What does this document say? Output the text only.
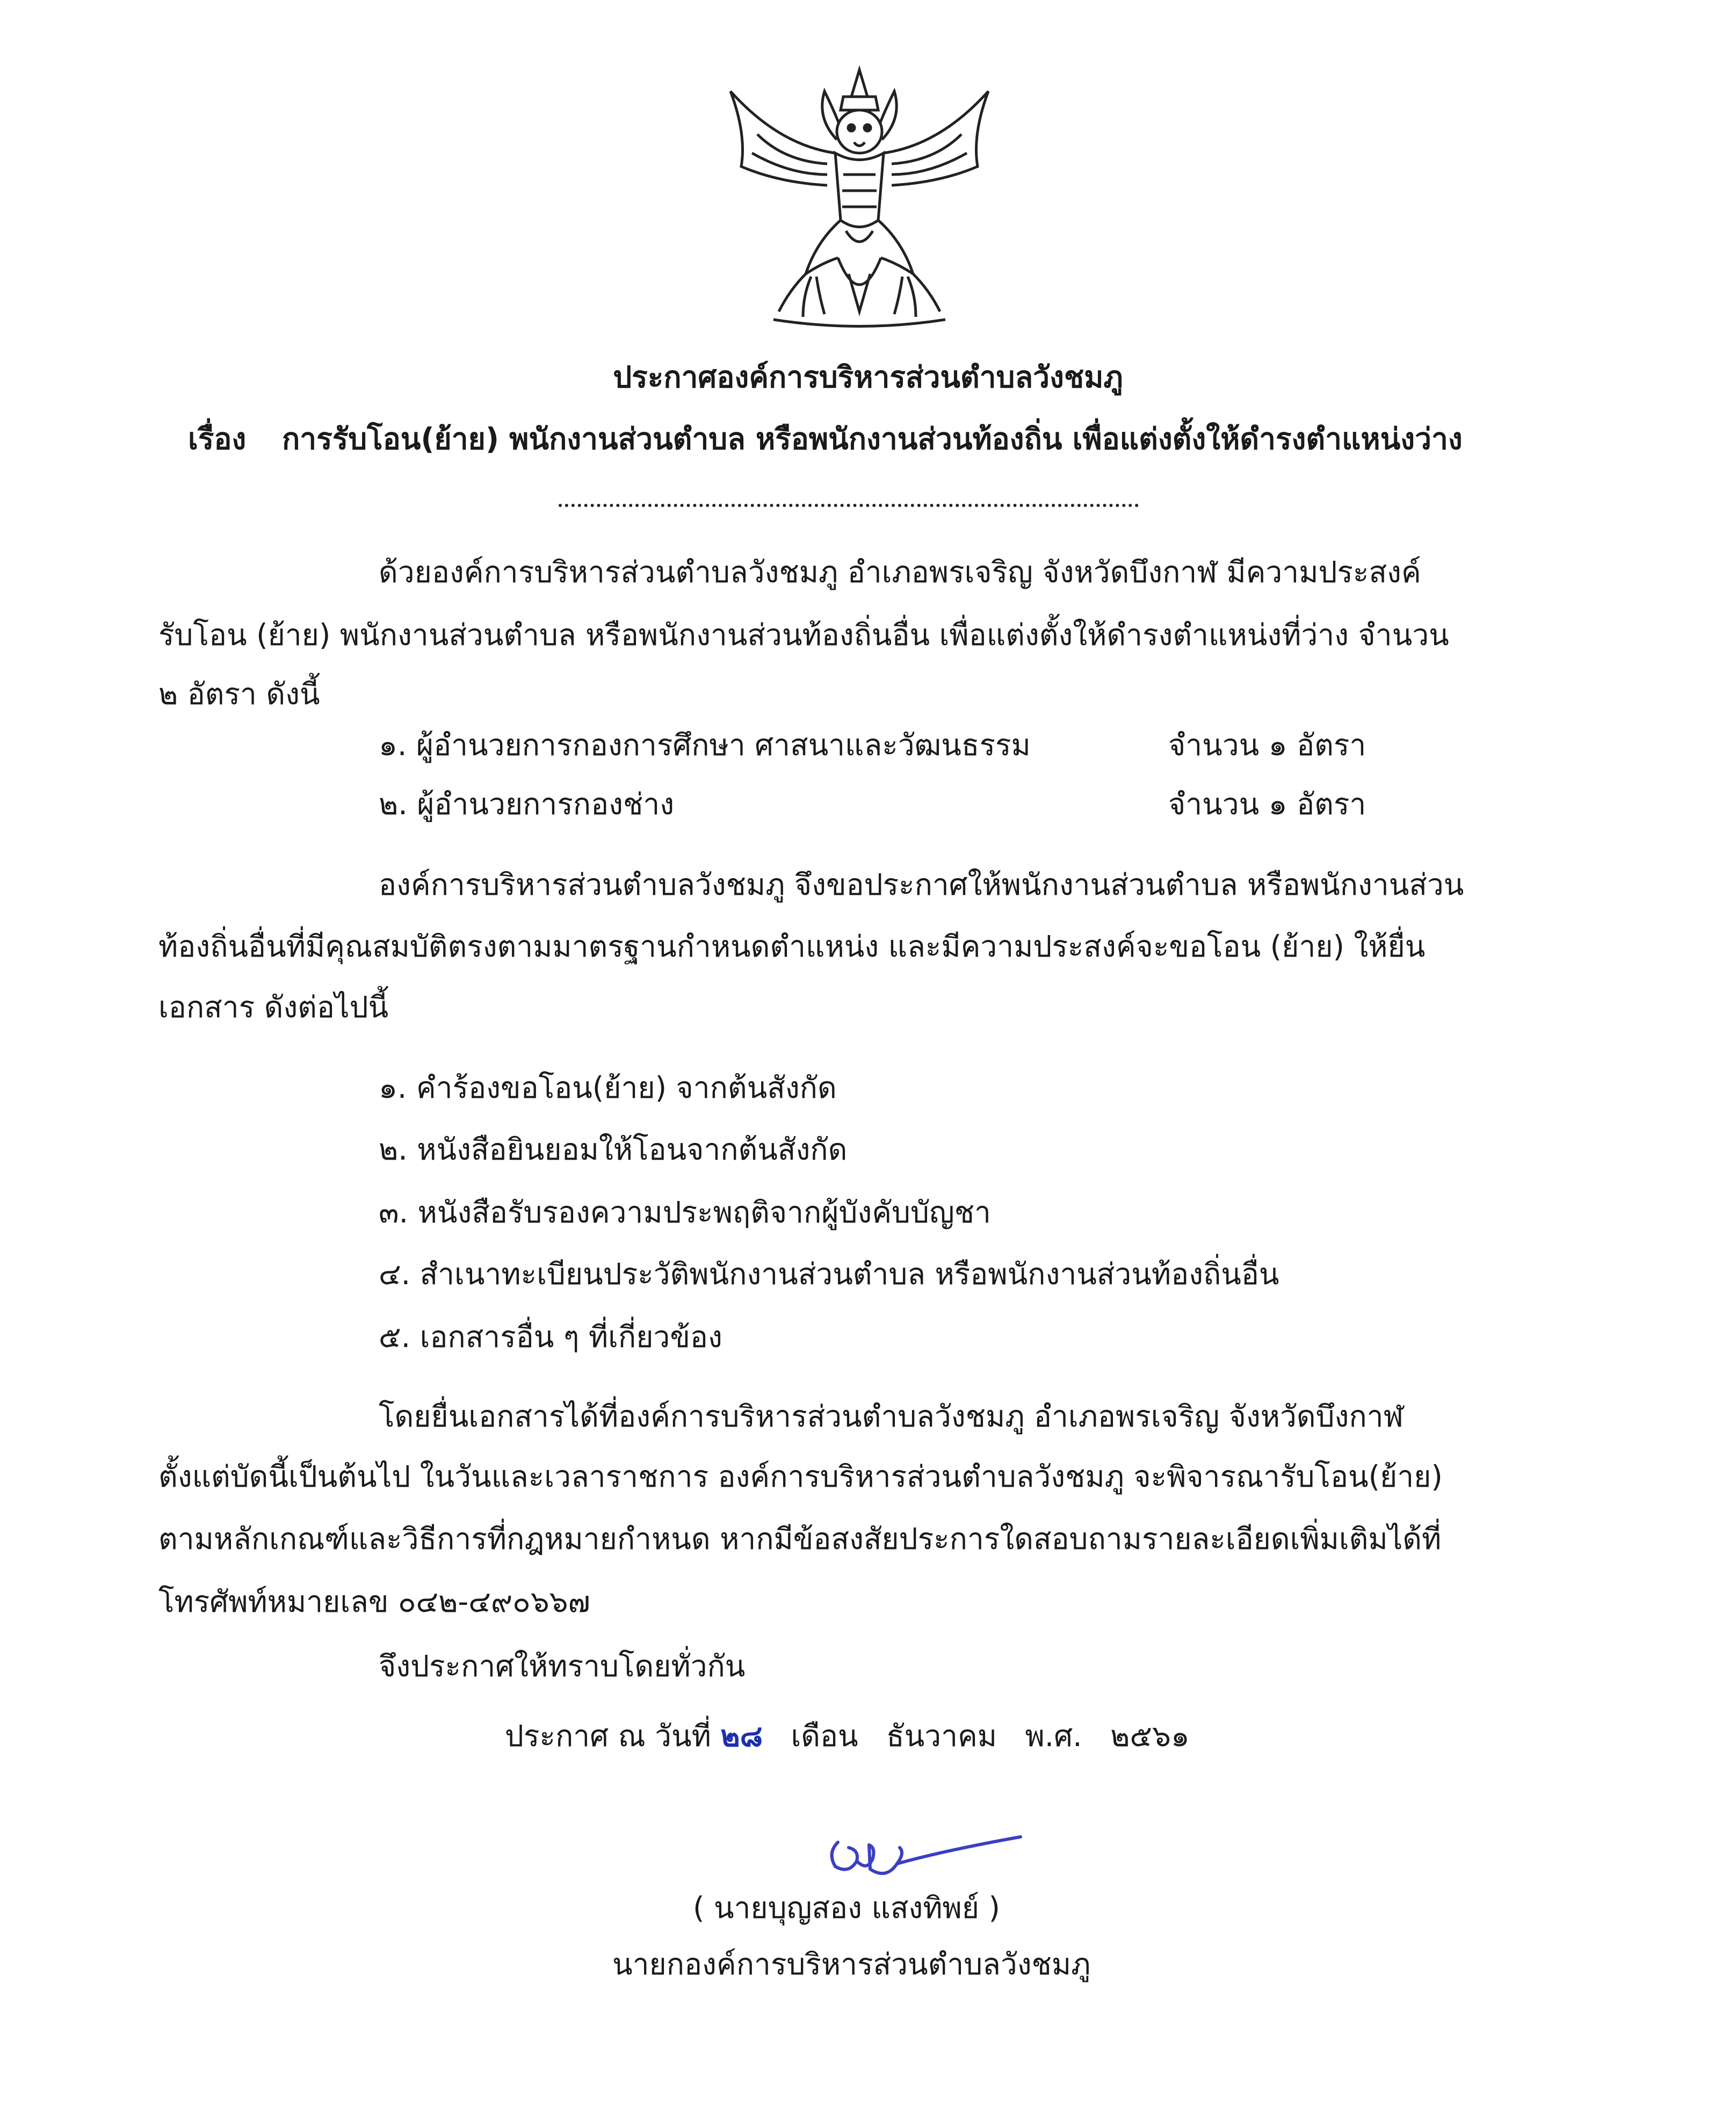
ประกาศองค์การบริหารส่วนตำบลวังชมภู
เรื่อง การรับโอน(ย้าย) พนักงานส่วนตำบล หรือพนักงานส่วนท้องถิ่น เพื่อแต่งตั้งให้ดำรงตำแหน่งว่าง
ด้วยองค์การบริหารส่วนตำบลวังชมภู อำเภอพรเจริญ จังหวัดบึงกาฬ มีความประสงค์
รับโอน (ย้าย) พนักงานส่วนตำบล หรือพนักงานส่วนท้องถิ่นอื่น เพื่อแต่งตั้งให้ดำรงตำแหน่งที่ว่าง จำนวน
๒ อัตรา ดังนี้
๑. ผู้อำนวยการกองการศึกษา ศาสนาและวัฒนธรรม	จำนวน ๑ อัตรา
๒. ผู้อำนวยการกองช่าง	จำนวน ๑ อัตรา
องค์การบริหารส่วนตำบลวังชมภู จึงขอประกาศให้พนักงานส่วนตำบล หรือพนักงานส่วน
ท้องถิ่นอื่นที่มีคุณสมบัติตรงตามมาตรฐานกำหนดตำแหน่ง และมีความประสงค์จะขอโอน (ย้าย) ให้ยื่น
เอกสาร ดังต่อไปนี้
๑. คำร้องขอโอน(ย้าย) จากต้นสังกัด
๒. หนังสือยินยอมให้โอนจากต้นสังกัด
๓. หนังสือรับรองความประพฤติจากผู้บังคับบัญชา
๔. สำเนาทะเบียนประวัติพนักงานส่วนตำบล หรือพนักงานส่วนท้องถิ่นอื่น
๕. เอกสารอื่น ๆ ที่เกี่ยวข้อง
โดยยื่นเอกสารได้ที่องค์การบริหารส่วนตำบลวังชมภู อำเภอพรเจริญ จังหวัดบึงกาฬ
ตั้งแต่บัดนี้เป็นต้นไป ในวันและเวลาราชการ องค์การบริหารส่วนตำบลวังชมภู จะพิจารณารับโอน(ย้าย)
ตามหลักเกณฑ์และวิธีการที่กฎหมายกำหนด หากมีข้อสงสัยประการใดสอบถามรายละเอียดเพิ่มเติมได้ที่
โทรศัพท์หมายเลข ๐๔๒-๔๙๐๖๖๗
จึงประกาศให้ทราบโดยทั่วกัน
ประกาศ ณ วันที่ ๒๘ เดือน ธันวาคม พ.ศ. ๒๕๖๑
( นายบุญสอง แสงทิพย์ )
นายกองค์การบริหารส่วนตำบลวังชมภู
